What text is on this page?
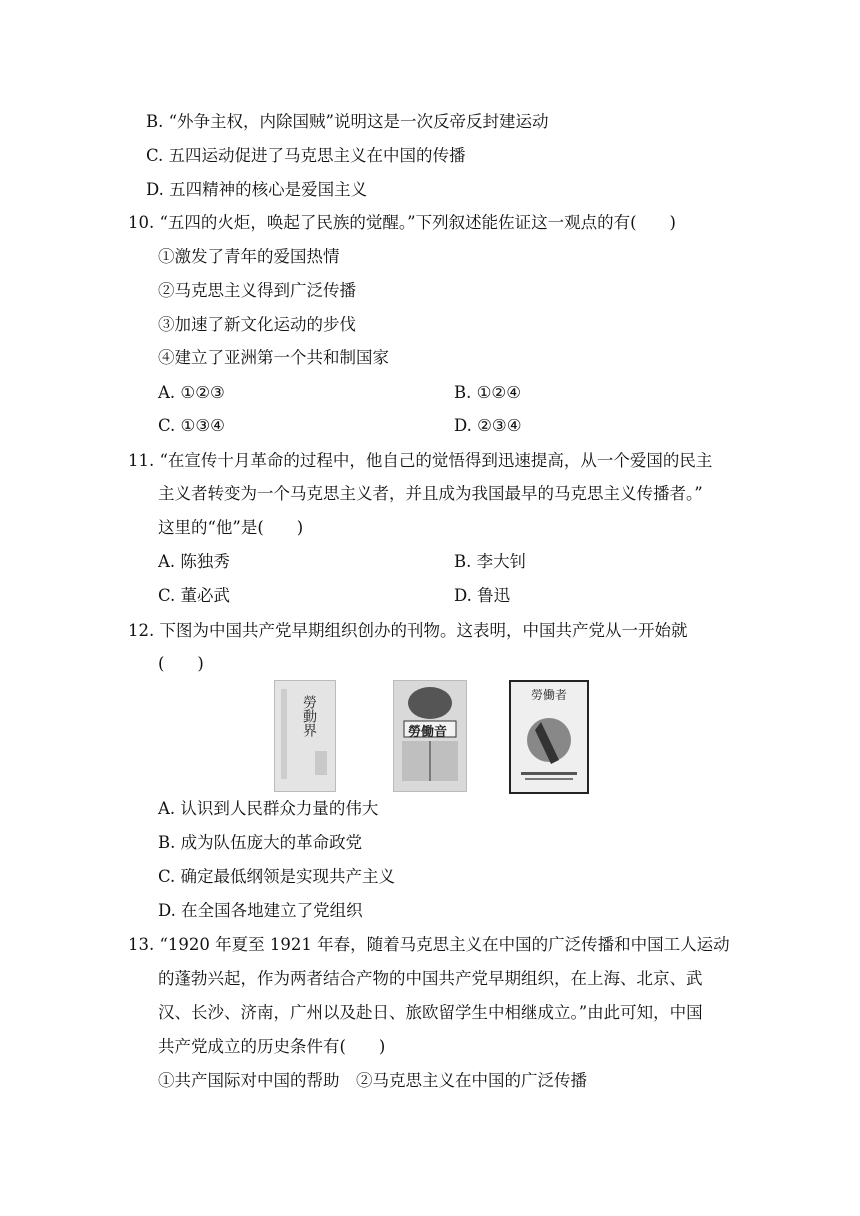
B. “外争主权，内除国贼”说明这是一次反帝反封建运动
C. 五四运动促进了马克思主义在中国的传播
D. 五四精神的核心是爱国主义
10. “五四的火炬，唤起了民族的觉醒。”下列叙述能佐证这一观点的有(　　)
①激发了青年的爱国热情
②马克思主义得到广泛传播
③加速了新文化运动的步伐
④建立了亚洲第一个共和制国家
A. ①②③	B. ①②④
C. ①③④	D. ②③④
11. “在宣传十月革命的过程中，他自己的觉悟得到迅速提高，从一个爱国的民主
主义者转变为一个马克思主义者，并且成为我国最早的马克思主义传播者。”
这里的“他”是(　　)
A. 陈独秀	B. 李大钊
C. 董必武	D. 鲁迅
12. 下图为中国共产党早期组织创办的刊物。这表明，中国共产党从一开始就
(　　)
勞動界	勞働音
勞働者
A. 认识到人民群众力量的伟大
B. 成为队伍庞大的革命政党
C. 确定最低纲领是实现共产主义
D. 在全国各地建立了党组织
13. “1920 年夏至 1921 年春，随着马克思主义在中国的广泛传播和中国工人运动
的蓬勃兴起，作为两者结合产物的中国共产党早期组织，在上海、北京、武
汉、长沙、济南，广州以及赴日、旅欧留学生中相继成立。”由此可知，中国
共产党成立的历史条件有(　　)
①共产国际对中国的帮助　②马克思主义在中国的广泛传播
